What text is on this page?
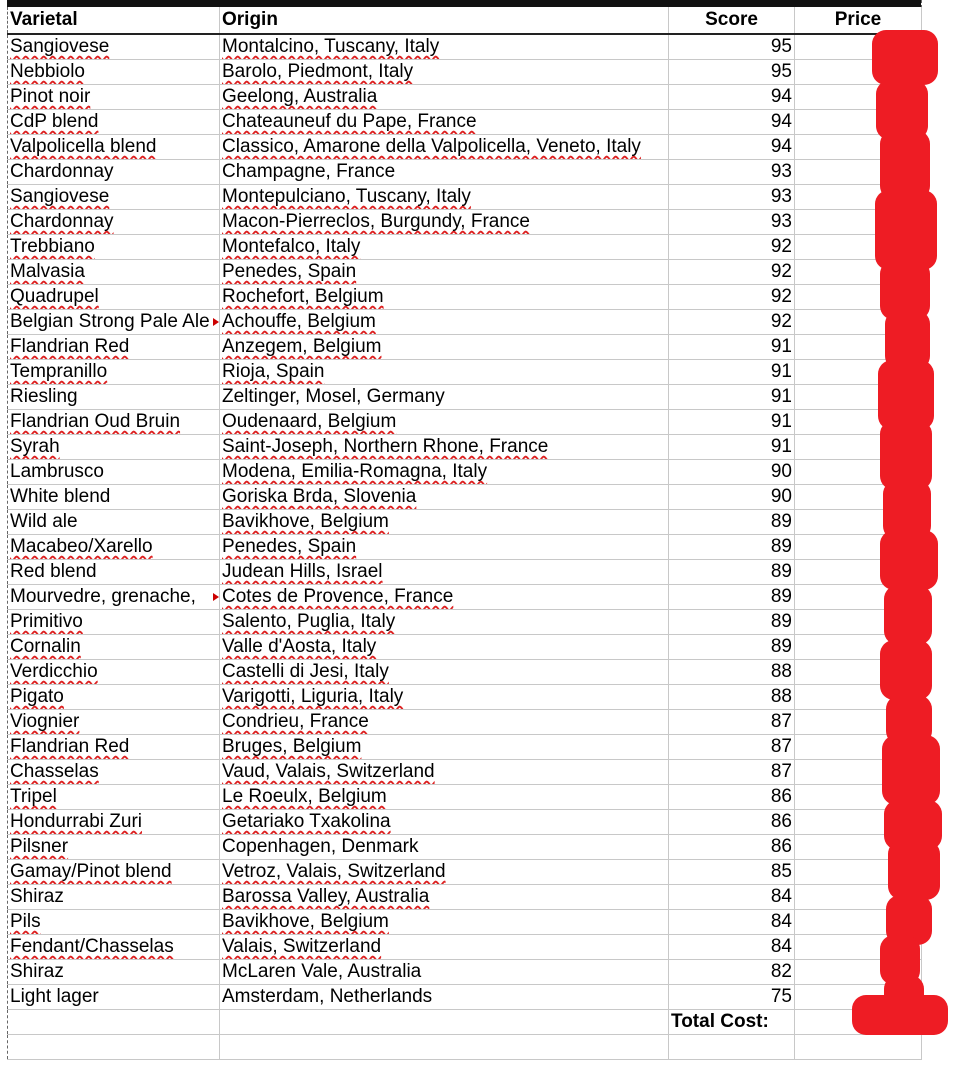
Varietal	Origin	Score	Price
Sangiovese	Montalcino, Tuscany, Italy	95	
Nebbiolo	Barolo, Piedmont, Italy	95	
Pinot noir	Geelong, Australia	94	
CdP blend	Chateauneuf du Pape, France	94	
Valpolicella blend	Classico, Amarone della Valpolicella, Veneto, Italy	94	
Chardonnay	Champagne, France	93	
Sangiovese	Montepulciano, Tuscany, Italy	93	
Chardonnay	Macon-Pierreclos, Burgundy, France	93	
Trebbiano	Montefalco, Italy	92	
Malvasia	Penedes, Spain	92	
Quadrupel	Rochefort, Belgium	92	
Belgian Strong Pale Ale	Achouffe, Belgium	92	
Flandrian Red	Anzegem, Belgium	91	
Tempranillo	Rioja, Spain	91	
Riesling	Zeltinger, Mosel, Germany	91	
Flandrian Oud Bruin	Oudenaard, Belgium	91	
Syrah	Saint-Joseph, Northern Rhone, France	91	
Lambrusco	Modena, Emilia-Romagna, Italy	90	
White blend	Goriska Brda, Slovenia	90	
Wild ale	Bavikhove, Belgium	89	
Macabeo/Xarello	Penedes, Spain	89	
Red blend	Judean Hills, Israel	89	
Mourvedre, grenache,	Cotes de Provence, France	89	
Primitivo	Salento, Puglia, Italy	89	
Cornalin	Valle d'Aosta, Italy	89	
Verdicchio	Castelli di Jesi, Italy	88	
Pigato	Varigotti, Liguria, Italy	88	
Viognier	Condrieu, France	87	
Flandrian Red	Bruges, Belgium	87	
Chasselas	Vaud, Valais, Switzerland	87	
Tripel	Le Roeulx, Belgium	86	
Hondurrabi Zuri	Getariako Txakolina	86	
Pilsner	Copenhagen, Denmark	86	
Gamay/Pinot blend	Vetroz, Valais, Switzerland	85	
Shiraz	Barossa Valley, Australia	84	
Pils	Bavikhove, Belgium	84	
Fendant/Chasselas	Valais, Switzerland	84	
Shiraz	McLaren Vale, Australia	82	
Light lager	Amsterdam, Netherlands	75	
		Total Cost:	
